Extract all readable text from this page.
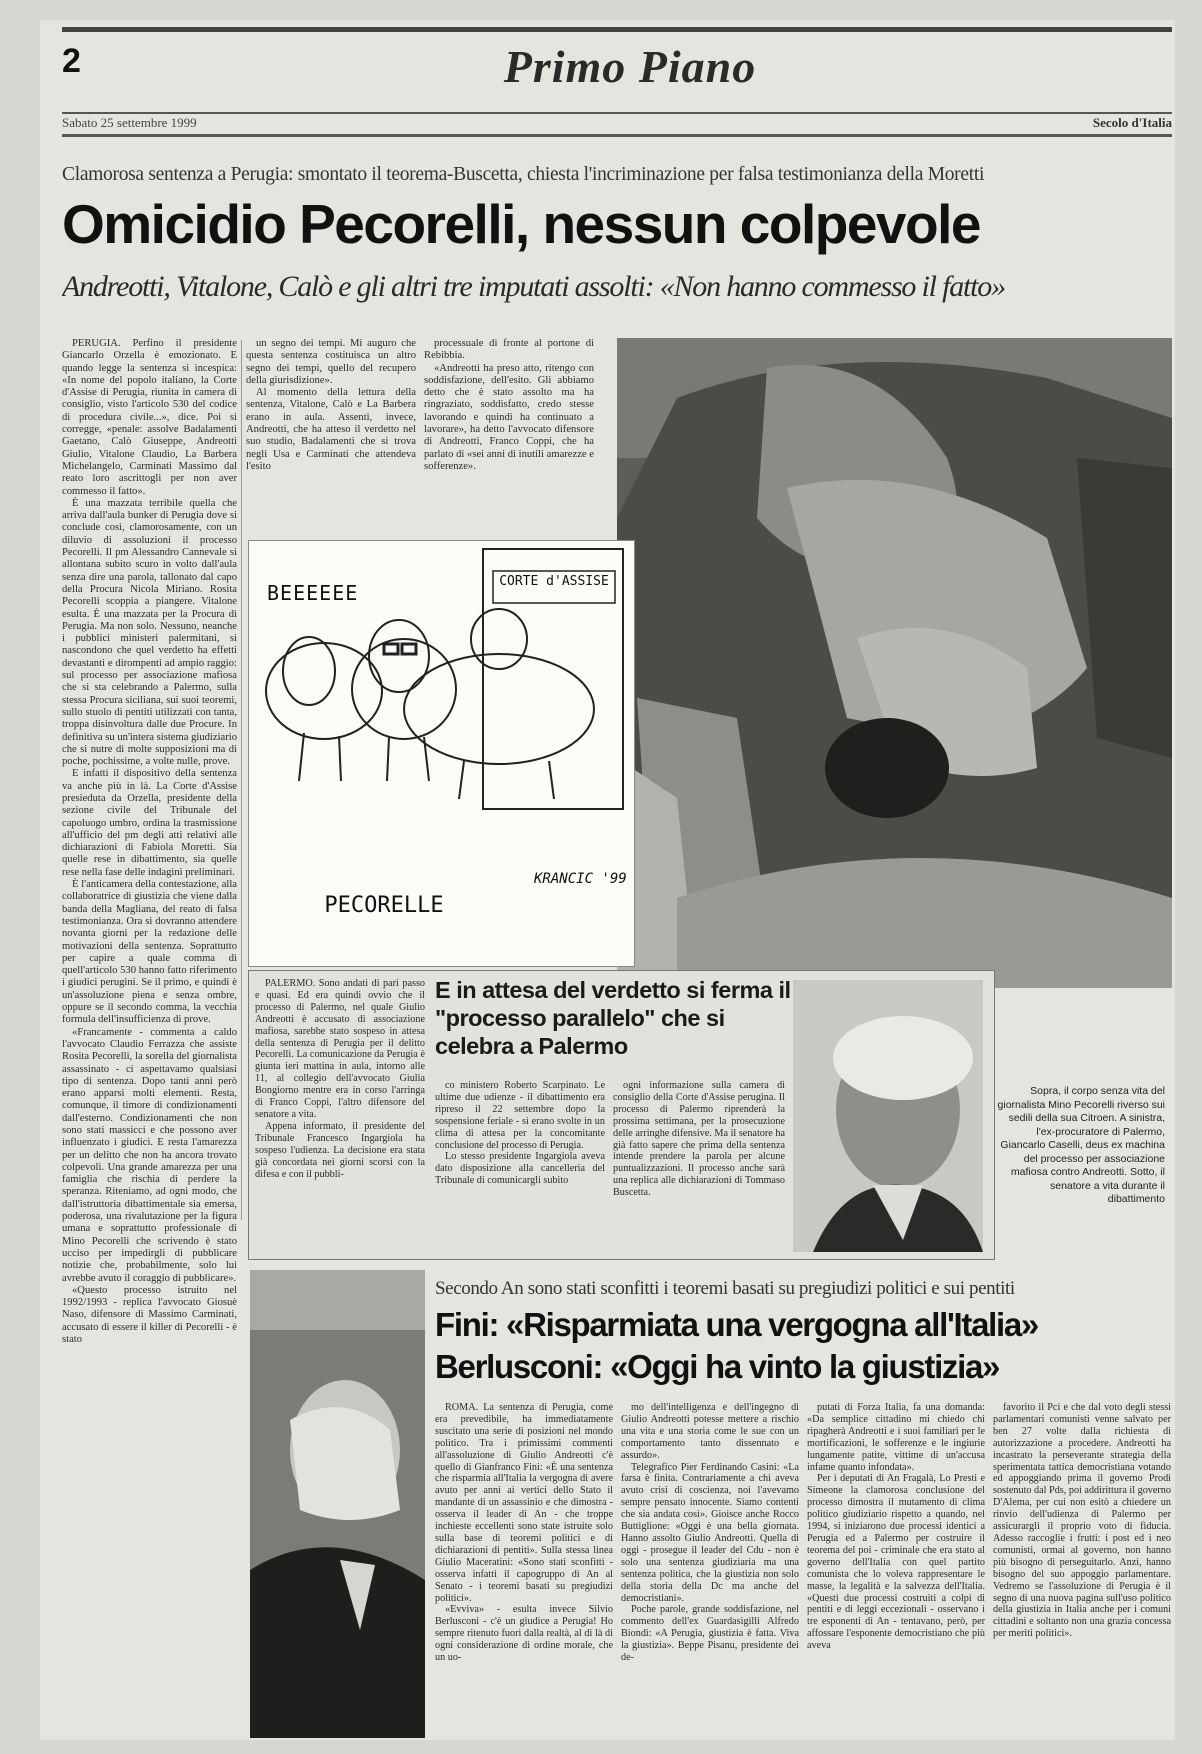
2	Primo Piano
Sabato 25 settembre 1999	Secolo d'Italia
Clamorosa sentenza a Perugia: smontato il teorema-Buscetta, chiesta l'incriminazione per falsa testimonianza della Moretti
Omicidio Pecorelli, nessun colpevole
Andreotti, Vitalone, Calò e gli altri tre imputati assolti: «Non hanno commesso il fatto»

PERUGIA. Perfino il presidente Giancarlo Orzella è emozionato. E quando legge la sentenza si incespica: «In nome del popolo italiano, la Corte d'Assise di Perugia, riunita in camera di consiglio, visto l'articolo 530 del codice di procedura civile...», dice. Poi si corregge, «penale: assolve Badalamenti Gaetano, Calò Giuseppe, Andreotti Giulio, Vitalone Claudio, La Barbera Michelangelo, Carminati Massimo dal reato loro ascrittogli per non aver commesso il fatto».

È una mazzata terribile quella che arriva dall'aula bunker di Perugia dove si conclude così, clamorosamente, con un diluvio di assoluzioni il processo Pecorelli. Il pm Alessandro Cannevale si allontana subito scuro in volto dall'aula senza dire una parola, tallonato dal capo della Procura Nicola Miriano. Rosita Pecorelli scoppia a piangere. Vitalone esulta. È una mazzata per la Procura di Perugia. Ma non solo. Nessuno, neanche i pubblici ministeri palermitani, si nascondono che quel verdetto ha effetti devastanti e dirompenti ad ampio raggio: sul processo per associazione mafiosa che si sta celebrando a Palermo, sulla stessa Procura siciliana, sui suoi teoremi, sullo stuolo di pentiti utilizzati con tanta, troppa disinvoltura dalle due Procure. In definitiva su un'intera sistema giudiziario che si nutre di molte supposizioni ma di poche, pochissime, a volte nulle, prove.

E infatti il dispositivo della sentenza va anche più in là. La Corte d'Assise presieduta da Orzella, presidente della sezione civile del Tribunale del capoluogo umbro, ordina la trasmissione all'ufficio del pm degli atti relativi alle dichiarazioni di Fabiola Moretti. Sia quelle rese in dibattimento, sia quelle rese nella fase delle indagini preliminari.

È l'anticamera della contestazione, alla collaboratrice di giustizia che viene dalla banda della Magliana, del reato di falsa testimonianza. Ora si dovranno attendere novanta giorni per la redazione delle motivazioni della sentenza. Soprattutto per capire a quale comma di quell'articolo 530 hanno fatto riferimento i giudici perugini. Se il primo, e quindi è un'assoluzione piena e senza ombre, oppure se il secondo comma, la vecchia formula dell'insufficienza di prove.

«Francamente - commenta a caldo l'avvocato Claudio Ferrazza che assiste Rosita Pecorelli, la sorella del giornalista assassinato - ci aspettavamo qualsiasi tipo di sentenza. Dopo tanti anni però erano apparsi molti elementi. Resta, comunque, il timore di condizionamenti dall'esterno. Condizionamenti che non sono stati massicci e che possono aver influenzato i giudici. E resta l'amarezza per un delitto che non ha ancora trovato colpevoli. Una grande amarezza per una famiglia che rischia di perdere la speranza. Riteniamo, ad ogni modo, che dall'istruttoria dibattimentale sia emersa, poderosa, una rivalutazione per la figura umana e soprattutto professionale di Mino Pecorelli che scrivendo è stato ucciso per impedirgli di pubblicare notizie che, probabilmente, solo lui avrebbe avuto il coraggio di pubblicare».

«Questo processo istruito nel 1992/1993 - replica l'avvocato Giosuè Naso, difensore di Massimo Carminati, accusato di essere il killer di Pecorelli - è stato

un segno dei tempi. Mi auguro che questa sentenza costituisca un altro segno dei tempi, quello del recupero della giurisdizione».

Al momento della lettura della sentenza, Vitalone, Calò e La Barbera erano in aula. Assenti, invece, Andreotti, che ha atteso il verdetto nel suo studio, Badalamenti che si trova negli Usa e Carminati che attendeva l'esito

processuale di fronte al portone di Rebibbia.

«Andreotti ha preso atto, ritengo con soddisfazione, dell'esito. Gli abbiamo detto che è stato assolto ma ha ringraziato, soddisfatto, credo stesse lavorando e quindi ha continuato a lavorare», ha detto l'avvocato difensore di Andreotti, Franco Coppi, che ha parlato di «sei anni di inutili amarezze e sofferenze».

BEEEEEE	CORTE d'ASSISE
PECORELLE
KRANCIC '99
E in attesa del verdetto si ferma il "processo parallelo" che si celebra a Palermo

PALERMO. Sono andati di pari passo e quasi. Ed era quindi ovvio che il processo di Palermo, nel quale Giulio Andreotti è accusato di associazione mafiosa, sarebbe stato sospeso in attesa della sentenza di Perugia per il delitto Pecorelli. La comunicazione da Perugia è giunta ieri mattina in aula, intorno alle 11, al collegio dell'avvocato Giulia Bongiorno mentre era in corso l'arringa di Franco Coppi, l'altro difensore del senatore a vita.

Appena informato, il presidente del Tribunale Francesco Ingargiola ha sospeso l'udienza. La decisione era stata già concordata nei giorni scorsi con la difesa e con il pubbli-

co ministero Roberto Scarpinato. Le ultime due udienze - il dibattimento era ripreso il 22 settembre dopo la sospensione feriale - si erano svolte in un clima di attesa per la concomitante conclusione del processo di Perugia.

Lo stesso presidente Ingargiola aveva dato disposizione alla cancelleria del Tribunale di comunicargli subito

ogni informazione sulla camera di consiglio della Corte d'Assise perugina. Il processo di Palermo riprenderà la prossima settimana, per la prosecuzione delle arringhe difensive. Ma il senatore ha già fatto sapere che prima della sentenza intende prendere la parola per alcune puntualizzazioni. Il processo anche sarà una replica alle dichiarazioni di Tommaso Buscetta.

Sopra, il corpo senza vita del giornalista Mino Pecorelli riverso sui sedili della sua Citroen. A sinistra, l'ex-procuratore di Palermo, Giancarlo Caselli, deus ex machina del processo per associazione mafiosa contro Andreotti. Sotto, il senatore a vita durante il dibattimento
Secondo An sono stati sconfitti i teoremi basati su pregiudizi politici e sui pentiti
Fini: «Risparmiata una vergogna all'Italia»
Berlusconi: «Oggi ha vinto la giustizia»

ROMA. La sentenza di Perugia, come era prevedibile, ha immediatamente suscitato una serie di posizioni nel mondo politico. Tra i primissimi commenti all'assoluzione di Giulio Andreotti c'è quello di Gianfranco Fini: «È una sentenza che risparmia all'Italia la vergogna di avere avuto per anni ai vertici dello Stato il mandante di un assassinio e che dimostra - osserva il leader di An - che troppe inchieste eccellenti sono state istruite solo sulla base di teoremi politici e di dichiarazioni di pentiti». Sulla stessa linea Giulio Maceratini: «Sono stati sconfitti - osserva infatti il capogruppo di An al Senato - i teoremi basati su pregiudizi politici».

«Evviva» - esulta invece Silvio Berlusconi - c'è un giudice a Perugia! Ho sempre ritenuto fuori dalla realtà, al di là di ogni considerazione di ordine morale, che un uo-

mo dell'intelligenza e dell'ingegno di Giulio Andreotti potesse mettere a rischio una vita e una storia come le sue con un comportamento tanto dissennato e assurdo».

Telegrafico Pier Ferdinando Casini: «La farsa è finita. Contrariamente a chi aveva avuto crisi di coscienza, noi l'avevamo sempre pensato innocente. Siamo contenti che sia andata così». Gioisce anche Rocco Buttiglione: «Oggi è una bella giornata. Hanno assolto Giulio Andreotti. Quella di oggi - prosegue il leader del Cdu - non è solo una sentenza giudiziaria ma una sentenza politica, che la giustizia non solo della storia della Dc ma anche del democristiani».

Poche parole, grande soddisfazione, nel commento dell'ex Guardasigilli Alfredo Biondi: «A Perugia, giustizia è fatta. Viva la giustizia». Beppe Pisanu, presidente dei de-

putati di Forza Italia, fa una domanda: «Da semplice cittadino mi chiedo chi ripagherà Andreotti e i suoi familiari per le mortificazioni, le sofferenze e le ingiurie lungamente patite, vittime di un'accusa infame quanto infondata».

Per i deputati di An Fragalà, Lo Presti e Simeone la clamorosa conclusione del processo dimostra il mutamento di clima politico giudiziario rispetto a quando, nel 1994, si iniziarono due processi identici a Perugia ed a Palermo per costruire il teorema del poi - criminale che era stato al governo dell'Italia con quel partito comunista che lo voleva rappresentare le masse, la legalità e la salvezza dell'Italia. «Questi due processi costruiti a colpi di pentiti e di leggi eccezionali - osservano i tre esponenti di An - tentavano, però, per affossare l'esponente democristiano che più aveva

favorito il Pci e che dal voto degli stessi parlamentari comunisti venne salvato per ben 27 volte dalla richiesta di autorizzazione a procedere. Andreotti ha incastrato la perseverante strategia della sperimentata tattica democristiana votando ed appoggiando prima il governo Prodi sostenuto dal Pds, poi addirittura il governo D'Alema, per cui non esitò a chiedere un rinvio dell'udienza di Palermo per assicurargli il proprio voto di fiducia. Adesso raccoglie i frutti: i post ed i neo comunisti, ormai al governo, non hanno più bisogno di perseguitarlo. Anzi, hanno bisogno del suo appoggio parlamentare. Vedremo se l'assoluzione di Perugia è il segno di una nuova pagina sull'uso politico della giustizia in Italia anche per i comuni cittadini e soltanto non una grazia concessa per meriti politici».
